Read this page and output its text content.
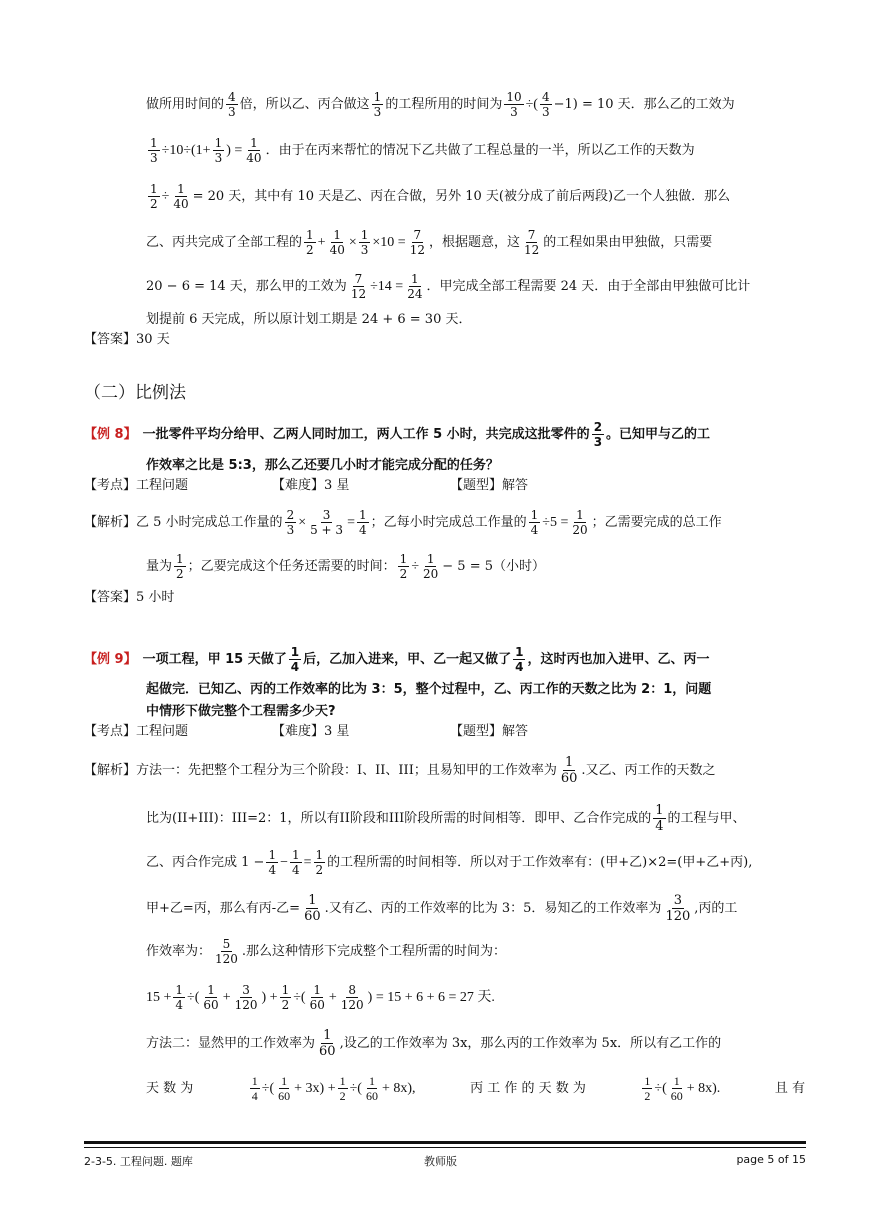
做所用时间的 $\frac{4}{3}$ 倍，所以乙、丙合做这 $\frac{1}{3}$ 的工程所用的时间为 $\frac{10}{3}$ ÷( $\frac{4}{3} -1) = 10$ 天．那么乙的工效为
$\frac{1}{3} \div 10\div(1+ \frac{1}{3}$ ) = $\frac{1}{40}$ ．由于在丙来帮忙的情况下乙共做了工程总量的一半，所以乙工作的天数为
$\frac{1}{2} \div \frac{1}{40} = 20$ 天，其中有 10 天是乙、丙在合做，另外 10 天(被分成了前后两段)乙一个人独做．那么
乙、丙共完成了全部工程的 $\frac{1}{2} + \frac{1}{40} \times \frac{1}{3} \times 10 = \frac{7}{12}$ ，根据题意，这 $\frac{7}{12}$ 的工程如果由甲独做，只需要
20 − 6 = 14 天，那么甲的工效为 $\frac{7}{12} \div 14 = \frac{1}{24}$ ．甲完成全部工程需要 24 天．由于全部由甲独做可比计
划提前 6 天完成，所以原计划工期是 24 + 6 = 30 天．
【答案】 30 天
（二）比例法
【例 8】 一批零件平均分给甲、乙两人同时加工，两人工作 5 小时，共完成这批零件的 $\frac{2}{3}$ 。已知甲与乙的工
作效率之比是 5:3，那么乙还要几小时才能完成分配的任务？
【考点】工程问题	【难度】3 星	【题型】解答
【解析】 乙 5 小时完成总工作量的 $\frac{2}{3} \times \frac{3}{5 + 3} = \frac{1}{4}$ ；乙每小时完成总工作量的 $\frac{1}{4} \div 5 = \frac{1}{20}$ ；乙需要完成的总工作
量为 $\frac{1}{2}$ ；乙要完成这个任务还需要的时间： $\frac{1}{2} \div \frac{1}{20} - 5 = 5$（小时）
【答案】 5 小时
【例 9】 一项工程，甲 15 天做了 $\frac{1}{4}$ 后，乙加入进来，甲、乙一起又做了 $\frac{1}{4}$ ，这时丙也加入进甲、乙、丙一
起做完．已知乙、丙的工作效率的比为 3：5，整个过程中，乙、丙工作的天数之比为 2：1，问题
中情形下做完整个工程需多少天?
【考点】工程问题	【难度】3 星	【题型】解答
【解析】 方法一：先把整个工程分为三个阶段：I、II、III；且易知甲的工作效率为 $\frac{1}{60}$ .又乙、丙工作的天数之
比为(II+III)：III=2：1，所以有II阶段和III阶段所需的时间相等．即甲、乙合作完成的 $\frac{1}{4}$ 的工程与甲、
乙、丙合作完成 $1 - \frac{1}{4} - \frac{1}{4} = \frac{1}{2}$ 的工程所需的时间相等．所以对于工作效率有：(甲+乙)×2=(甲+乙+丙),
甲+乙=丙，那么有丙-乙= $\frac{1}{60}$ .又有乙、丙的工作效率的比为 3：5．易知乙的工作效率为 $\frac{3}{120}$ ,丙的工
作效率为： $\frac{5}{120}$ .那么这种情形下完成整个工程所需的时间为：
$15 + \frac{1}{4}$ ÷( $\frac{1}{60} + \frac{3}{120}$ ) + $\frac{1}{2}$ ÷( $\frac{1}{60} + \frac{8}{120}$ ) = 15 + 6 + 6 = 27 天.
方法二：显然甲的工作效率为 $\frac{1}{60}$ ,设乙的工作效率为 3x，那么丙的工作效率为 5x．所以有乙工作的
天 数 为	$\frac{1}{4}$ ÷( $\frac{1}{60} + 3x) + \frac{1}{2}$ ÷( $\frac{1}{60} + 8x$),	丙 工 作 的 天 数 为	$\frac{1}{2}$ ÷( $\frac{1}{60} + 8x$).	且 有
2-3-5. 工程问题. 题库	教师版	page 5 of 15
